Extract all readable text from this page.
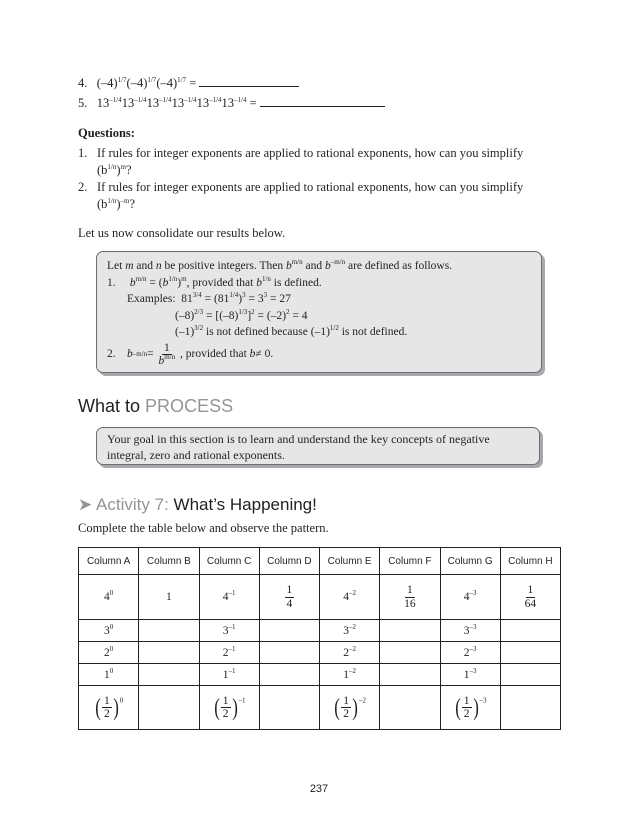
4. $(-4)^{1/7}(-4)^{1/7}(-4)^{1/7}$ =
5. $13^{-1/4}13^{-1/4}13^{-1/4}13^{-1/4}13^{-1/4}13^{-1/4}$ =
Questions:
1. If rules for integer exponents are applied to rational exponents, how can you simplify
$(b^{1/n})^m$?
2. If rules for integer exponents are applied to rational exponents, how can you simplify
$(b^{1/n})^{-m}$?
Let us now consolidate our results below.
Let m and n be positive integers. Then $b^{m/n}$ and $b^{-m/n}$ are defined as follows.
1. $b^{m/n} = (b^{1/n})^m$, provided that $b^{1/n}$ is defined.
Examples: $81^{3/4} = (81^{1/4})^3 = 3^3 = 27$
$(-8)^{2/3} = [(-8)^{1/3}]^2 = (-2)^2 = 4$
$(-1)^{3/2}$ is not defined because $(-1)^{1/2}$ is not defined.
2. b –m/n =
$\frac{1}{b^{m/n}}$
, provided that
b ≠ 0.
What to PROCESS
Your goal in this section is to learn and understand the key concepts of negative integral, zero and rational exponents.
➤ Activity 7: What’s Happening!
Complete the table below and observe the pattern.
Column A	Column B	Column C	Column D	Column E	Column F	Column G	Column H
$4^0$	1	$4^{-1}$	$\frac{1}{4}$	$4^{-2}$	$\frac{1}{16}$	$4^{-3}$	$\frac{1}{64}$

$3^0$		$3^{-1}$		$3^{-2}$		$3^{-3}$	
$2^0$		$2^{-1}$		$2^{-2}$		$2^{-3}$	
$1^0$		$1^{-1}$		$1^{-2}$		$1^{-3}$	

( $\frac{1}{2}$ ) $^0$		( $\frac{1}{2}$ ) $^{-1}$		( $\frac{1}{2}$ ) $^{-2}$		( $\frac{1}{2}$ ) $^{-3}$	
237
